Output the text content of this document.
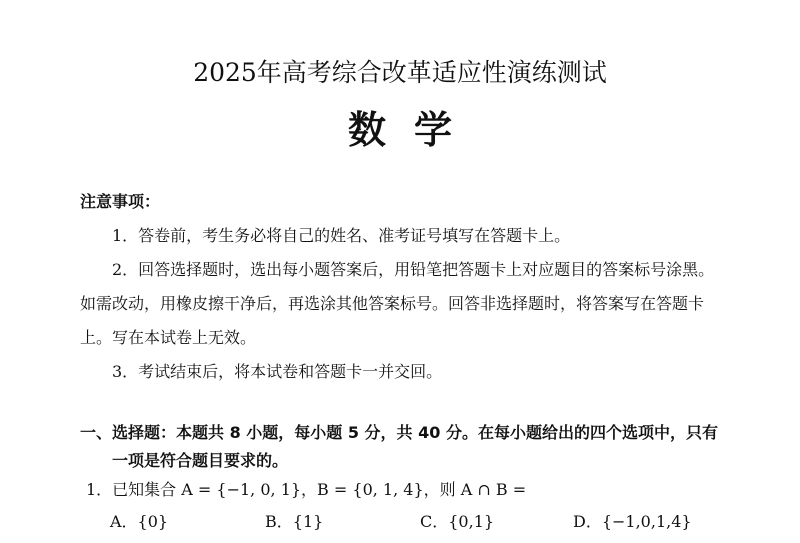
2025年高考综合改革适应性演练测试
数学
注意事项：
1．答卷前，考生务必将自己的姓名、准考证号填写在答题卡上。
2．回答选择题时，选出每小题答案后，用铅笔把答题卡上对应题目的答案标号涂黑。如需改动，用橡皮擦干净后，再选涂其他答案标号。回答非选择题时，将答案写在答题卡上。写在本试卷上无效。
3．考试结束后，将本试卷和答题卡一并交回。
一、选择题：本题共 8 小题，每小题 5 分，共 40 分。在每小题给出的四个选项中，只有一项是符合题目要求的。
1．已知集合 A = {−1, 0, 1}，B = {0, 1, 4}，则 A ∩ B =
A．{0}	B．{1}	C．{0,1}	D．{−1,0,1,4}
